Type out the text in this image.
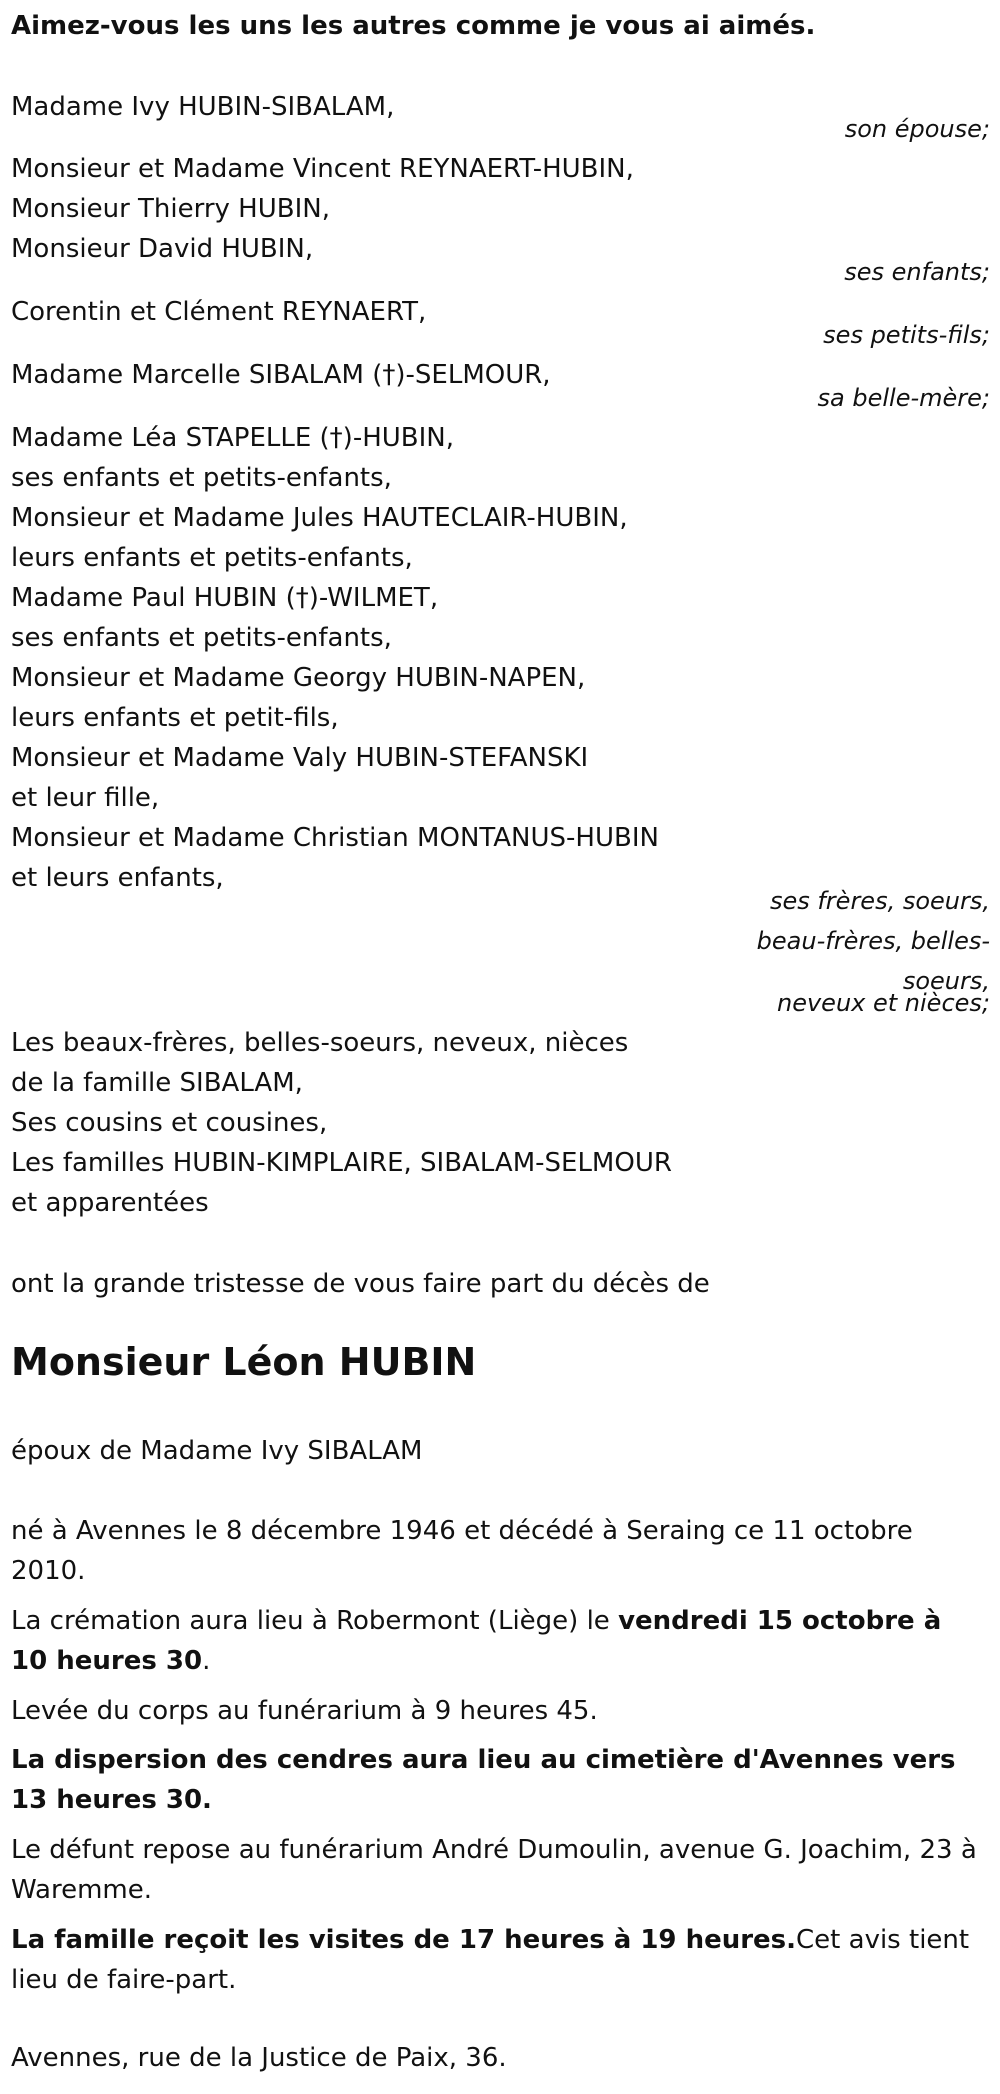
Aimez-vous les uns les autres comme je vous ai aimés.
Madame Ivy HUBIN-SIBALAM,
son épouse;
Monsieur et Madame Vincent REYNAERT-HUBIN,
Monsieur Thierry HUBIN,
Monsieur David HUBIN,
ses enfants;
Corentin et Clément REYNAERT,
ses petits-fils;
Madame Marcelle SIBALAM (†)-SELMOUR,
sa belle-mère;
Madame Léa STAPELLE (†)-HUBIN,
ses enfants et petits-enfants,
Monsieur et Madame Jules HAUTECLAIR-HUBIN,
leurs enfants et petits-enfants,
Madame Paul HUBIN (†)-WILMET,
ses enfants et petits-enfants,
Monsieur et Madame Georgy HUBIN-NAPEN,
leurs enfants et petit-fils,
Monsieur et Madame Valy HUBIN-STEFANSKI
et leur fille,
Monsieur et Madame Christian MONTANUS-HUBIN
et leurs enfants,
ses frères, soeurs,
beau-frères, belles-
soeurs,
neveux et nièces;
Les beaux-frères, belles-soeurs, neveux, nièces
de la famille SIBALAM,
Ses cousins et cousines,
Les familles HUBIN-KIMPLAIRE, SIBALAM-SELMOUR
et apparentées
ont la grande tristesse de vous faire part du décès de
Monsieur Léon HUBIN
époux de Madame Ivy SIBALAM
né à Avennes le 8 décembre 1946 et décédé à Seraing ce 11 octobre 2010.
La crémation aura lieu à Robermont (Liège) le vendredi 15 octobre à 10 heures 30.
Levée du corps au funérarium à 9 heures 45.
La dispersion des cendres aura lieu au cimetière d'Avennes vers 13 heures 30.
Le défunt repose au funérarium André Dumoulin, avenue G. Joachim, 23 à Waremme.
La famille reçoit les visites de 17 heures à 19 heures.Cet avis tient lieu de faire-part.
Avennes, rue de la Justice de Paix, 36.
